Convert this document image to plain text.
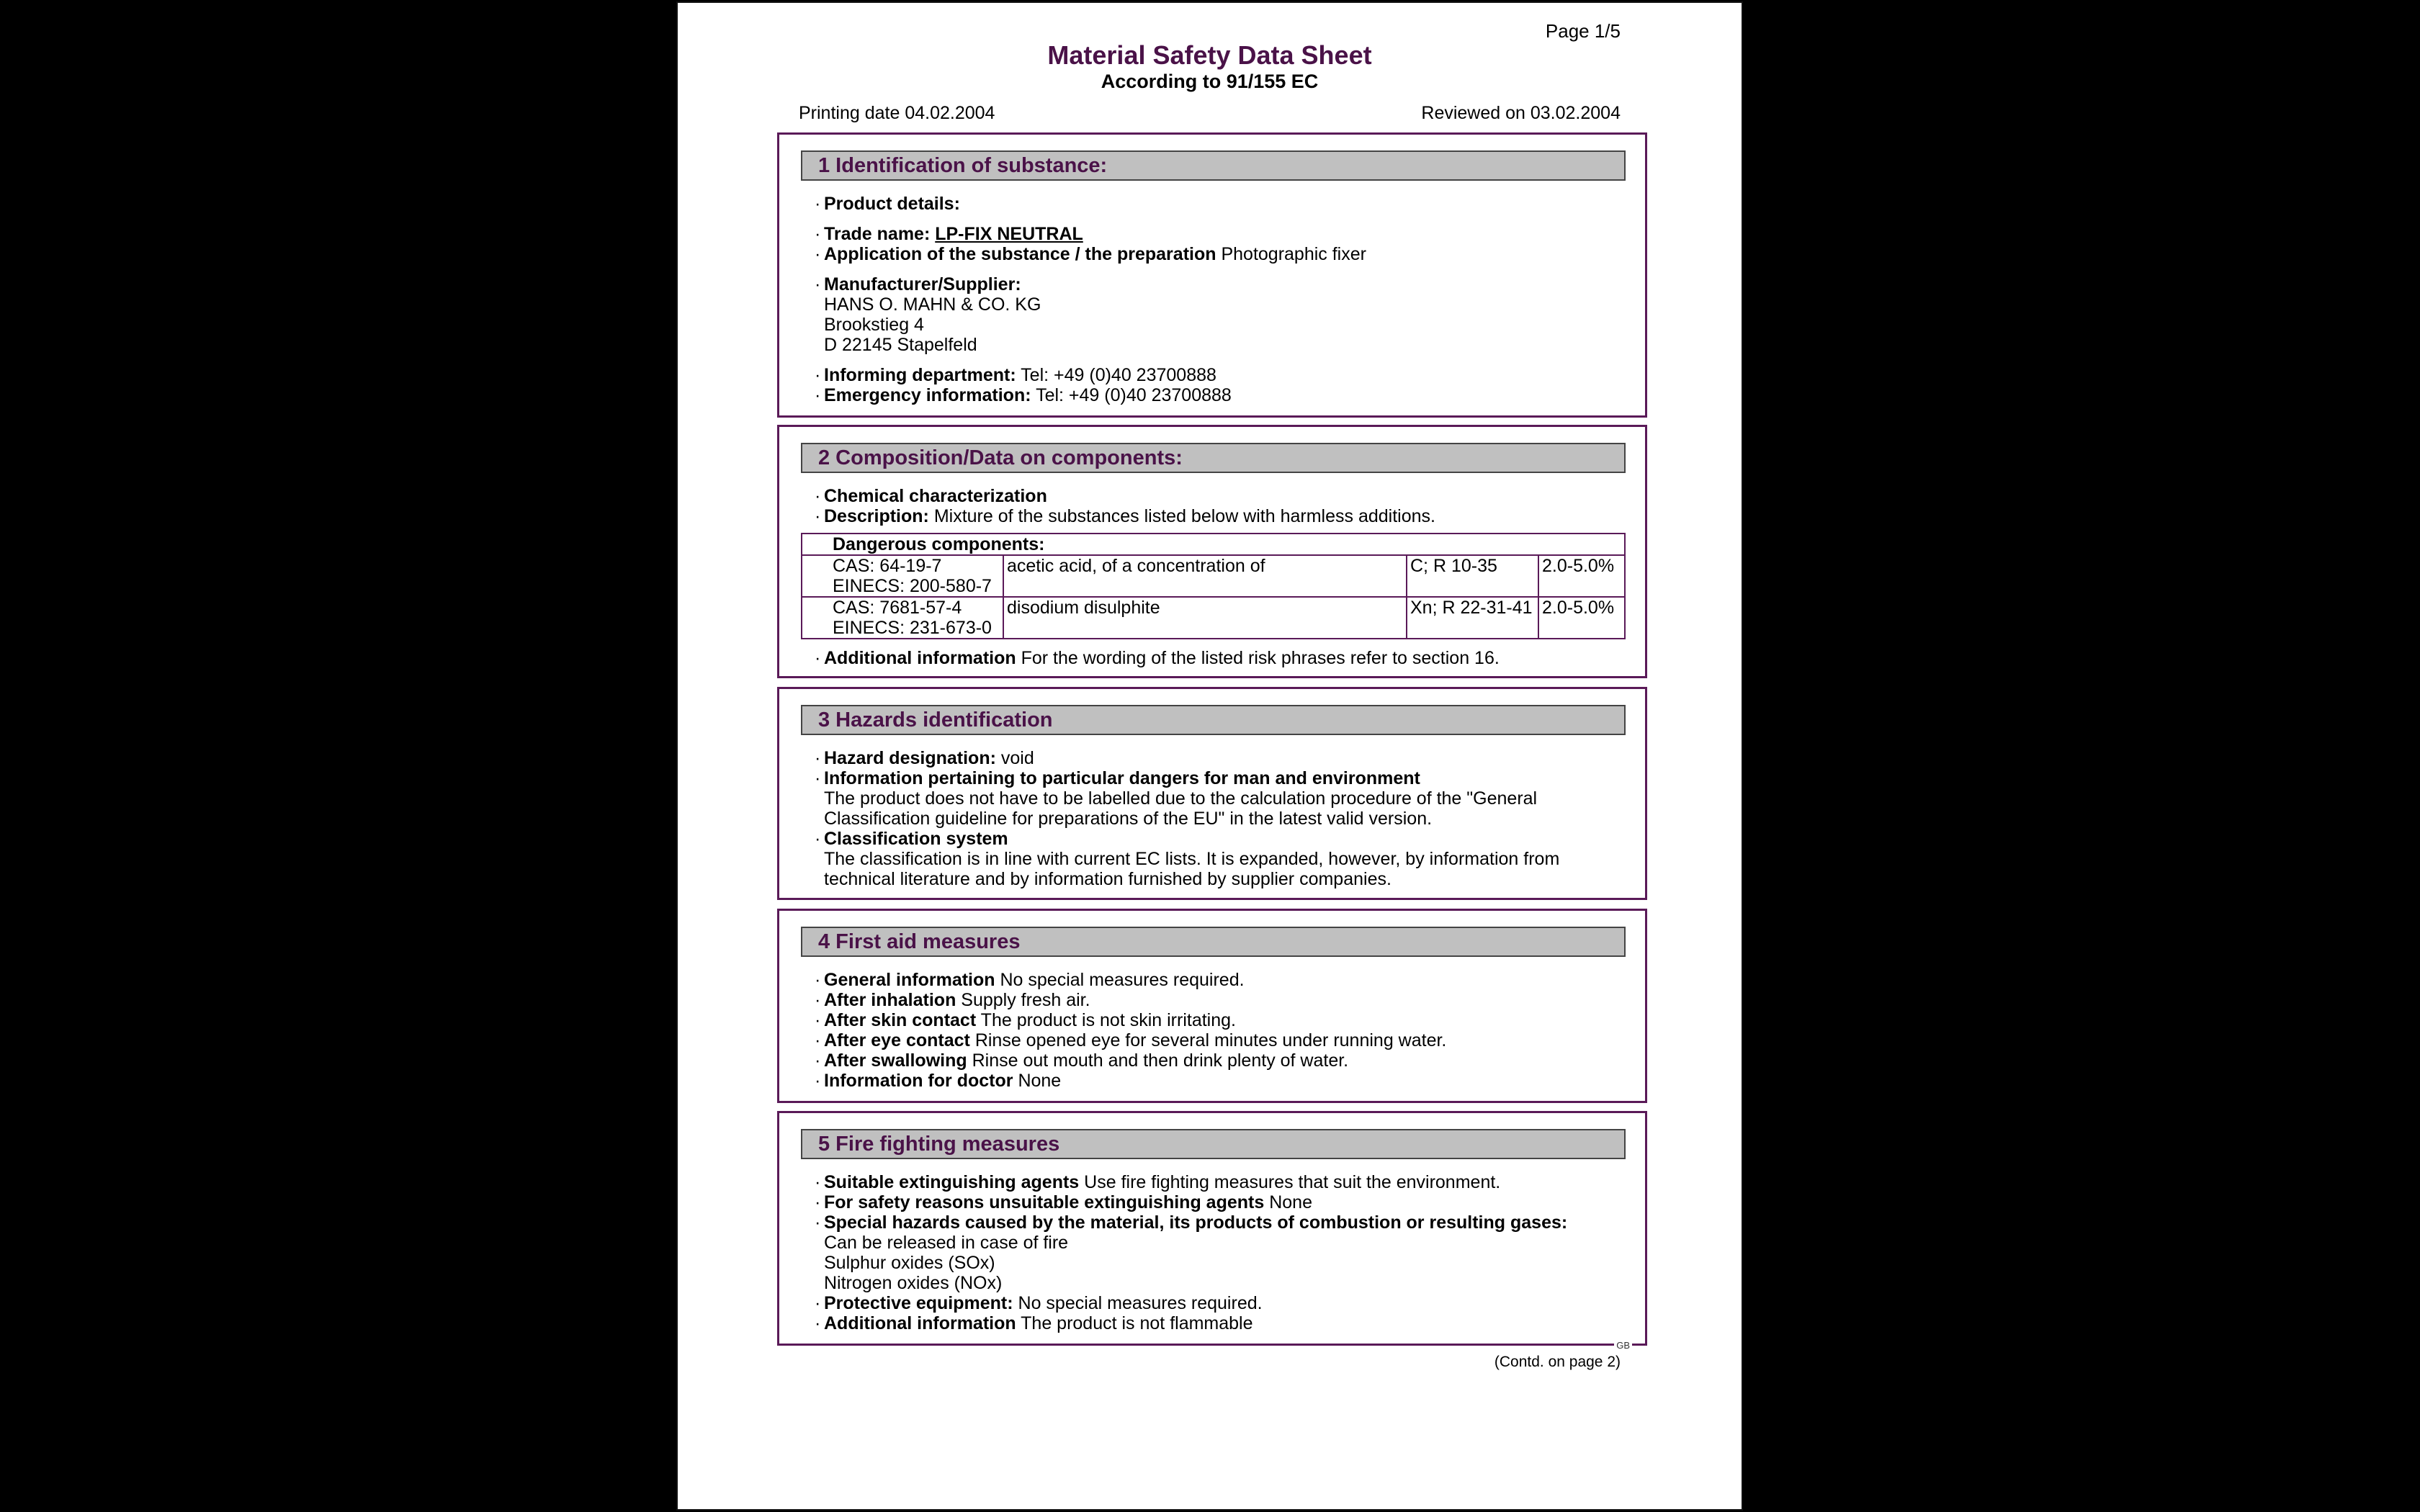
Page 1/5
Material Safety Data Sheet
According to 91/155 EC
Printing date 04.02.2004	Reviewed on 03.02.2004
1 Identification of substance:
· Product details:
· Trade name: LP-FIX NEUTRAL
· Application of the substance / the preparation Photographic fixer
· Manufacturer/Supplier:
HANS O. MAHN & CO. KG
Brookstieg 4
D 22145 Stapelfeld
· Informing department: Tel: +49 (0)40 23700888
· Emergency information: Tel: +49 (0)40 23700888
2 Composition/Data on components:
· Chemical characterization
· Description: Mixture of the substances listed below with harmless additions.
Dangerous components:			

CAS: 64-19-7
EINECS: 200-580-7	acetic acid, of a concentration of	C; R 10-35	2.0-5.0%

CAS: 7681-57-4
EINECS: 231-673-0	disodium disulphite	Xn; R 22-31-41	2.0-5.0%
· Additional information For the wording of the listed risk phrases refer to section 16.
3 Hazards identification
· Hazard designation: void
· Information pertaining to particular dangers for man and environment
The product does not have to be labelled due to the calculation procedure of the "General
Classification guideline for preparations of the EU" in the latest valid version.
· Classification system
The classification is in line with current EC lists. It is expanded, however, by information from
technical literature and by information furnished by supplier companies.
4 First aid measures
· General information No special measures required.
· After inhalation Supply fresh air.
· After skin contact The product is not skin irritating.
· After eye contact Rinse opened eye for several minutes under running water.
· After swallowing Rinse out mouth and then drink plenty of water.
· Information for doctor None
5 Fire fighting measures
· Suitable extinguishing agents Use fire fighting measures that suit the environment.
· For safety reasons unsuitable extinguishing agents None
· Special hazards caused by the material, its products of combustion or resulting gases:
Can be released in case of fire
Sulphur oxides (SOx)
Nitrogen oxides (NOx)
· Protective equipment: No special measures required.
· Additional information The product is not flammable
GB
(Contd. on page 2)
